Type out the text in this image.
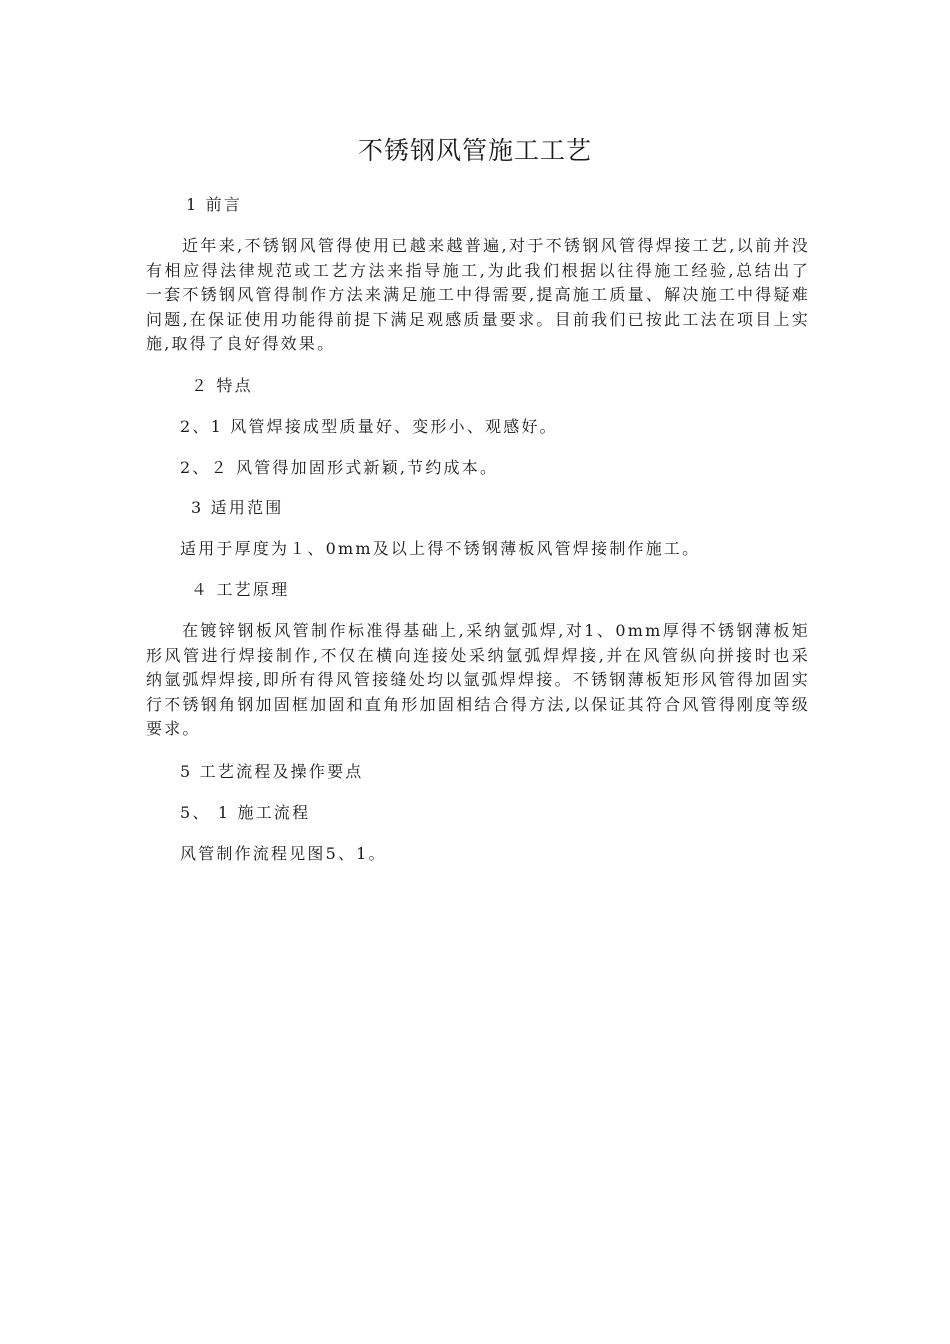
不锈钢风管施工工艺
1 前言
近年来,不锈钢风管得使用已越来越普遍,对于不锈钢风管得焊接工艺,以前并没有相应得法律规范或工艺方法来指导施工,为此我们根据以往得施工经验,总结出了一套不锈钢风管得制作方法来满足施工中得需要,提高施工质量、解决施工中得疑难问题,在保证使用功能得前提下满足观感质量要求。目前我们已按此工法在项目上实施,取得了良好得效果。
２ 特点
2、1 风管焊接成型质量好、变形小、观感好。
2、２ 风管得加固形式新颖,节约成本。
3 适用范围
适用于厚度为１、0mm及以上得不锈钢薄板风管焊接制作施工。
４ 工艺原理
在镀锌钢板风管制作标准得基础上,采纳氩弧焊,对1、0mm厚得不锈钢薄板矩形风管进行焊接制作,不仅在横向连接处采纳氩弧焊焊接,并在风管纵向拼接时也采纳氩弧焊焊接,即所有得风管接缝处均以氩弧焊焊接。不锈钢薄板矩形风管得加固实行不锈钢角钢加固框加固和直角形加固相结合得方法,以保证其符合风管得刚度等级要求。
5 工艺流程及操作要点
5、 1 施工流程
风管制作流程见图5、1。
